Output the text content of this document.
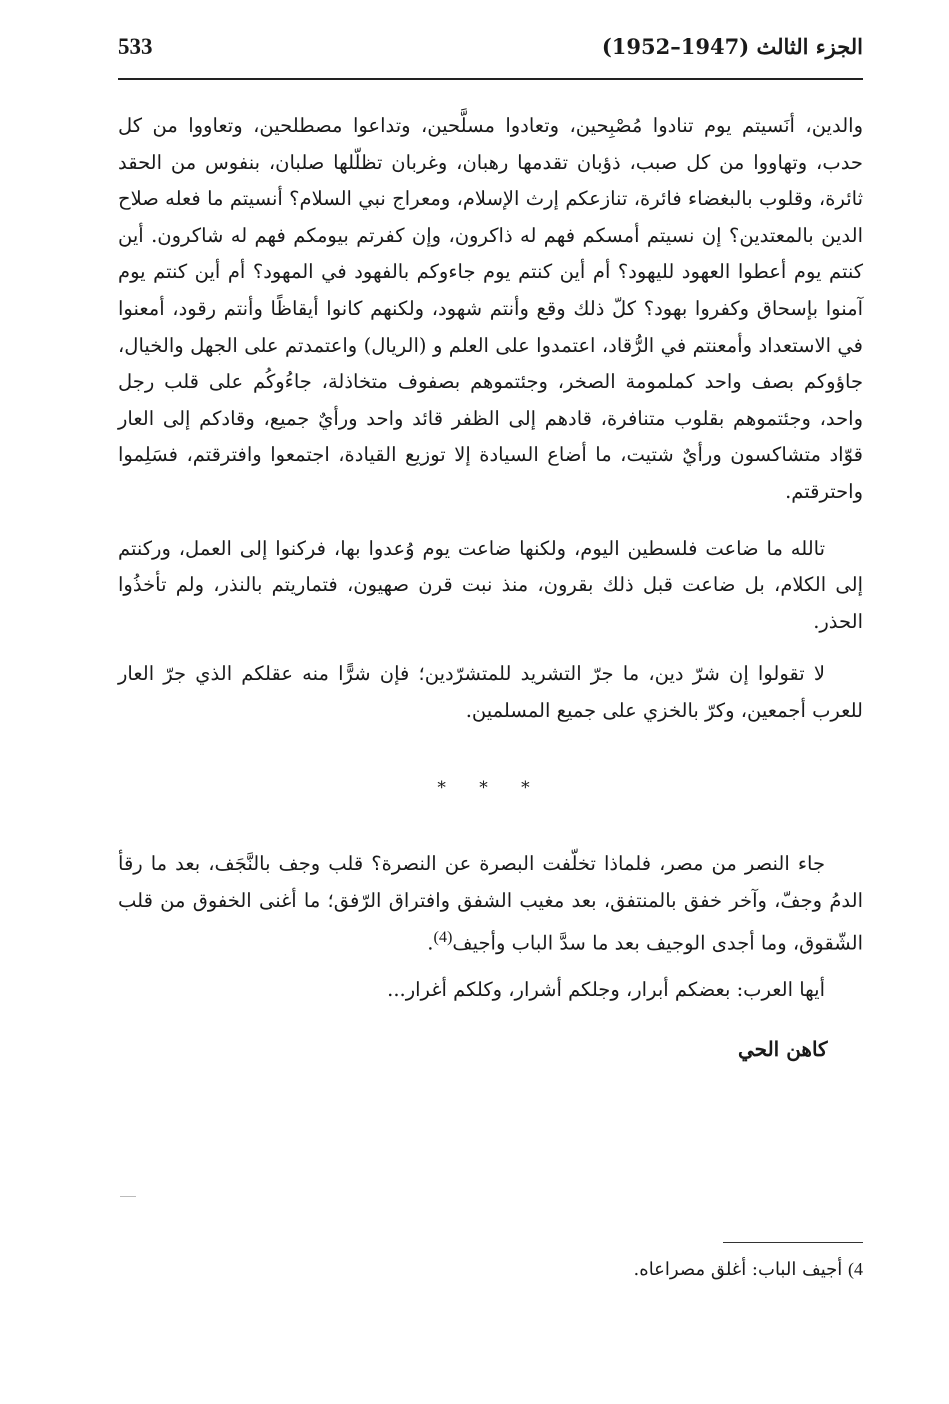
533	الجزء الثالث (1947–1952)

والدين، أنَسيتم يوم تنادوا مُصْبِحين، وتعادوا مسلَّحين، وتداعوا مصطلحين، وتعاووا من كل حدب، وتهاووا من كل صبب، ذؤبان تقدمها رهبان، وغربان تظلّلها صلبان، بنفوس من الحقد ثائرة، وقلوب بالبغضاء فائرة، تنازعكم إرث الإسلام، ومعراج نبي السلام؟ أنسيتم ما فعله صلاح الدين بالمعتدين؟ إن نسيتم أمسكم فهم له ذاكرون، وإن كفرتم بيومكم فهم له شاكرون. أين كنتم يوم أعطوا العهود لليهود؟ أم أين كنتم يوم جاءوكم بالفهود في المهود؟ أم أين كنتم يوم آمنوا بإسحاق وكفروا بهود؟ كلّ ذلك وقع وأنتم شهود، ولكنهم كانوا أيقاظًا وأنتم رقود، أمعنوا في الاستعداد وأمعنتم في الرُّقاد، اعتمدوا على العلم و (الريال) واعتمدتم على الجهل والخيال، جاؤوكم بصف واحد كملمومة الصخر، وجئتموهم بصفوف متخاذلة، جاءُوكُم على قلب رجل واحد، وجئتموهم بقلوب متنافرة، قادهم إلى الظفر قائد واحد ورأيٌ جميع، وقادكم إلى العار قوّاد متشاكسون ورأيٌ شتيت، ما أضاع السيادة إلا توزيع القيادة، اجتمعوا وافترقتم، فسَلِموا واحترقتم.

تالله ما ضاعت فلسطين اليوم، ولكنها ضاعت يوم وُعدوا بها، فركنوا إلى العمل، وركنتم إلى الكلام، بل ضاعت قبل ذلك بقرون، منذ نبت قرن صهيون، فتماريتم بالنذر، ولم تأخذُوا الحذر.

لا تقولوا إن شرّ دين، ما جرّ التشريد للمتشرّدين؛ فإن شرًّا منه عقلكم الذي جرّ العار للعرب أجمعين، وكرّ بالخزي على جميع المسلمين.

* * *

جاء النصر من مصر، فلماذا تخلّفت البصرة عن النصرة؟ قلب وجف بالنَّجَف، بعد ما رقأ الدمُ وجفّ، وآخر خفق بالمنتفق، بعد مغيب الشفق وافتراق الرّفق؛ ما أغنى الخفوق من قلب الشّقوق، وما أجدى الوجيف بعد ما سدَّ الباب وأجيف$^{(4)}$.

أيها العرب: بعضكم أبرار، وجلكم أشرار، وكلكم أغرار...

كاهن الحي
4) أجيف الباب: أغلق مصراعاه.
